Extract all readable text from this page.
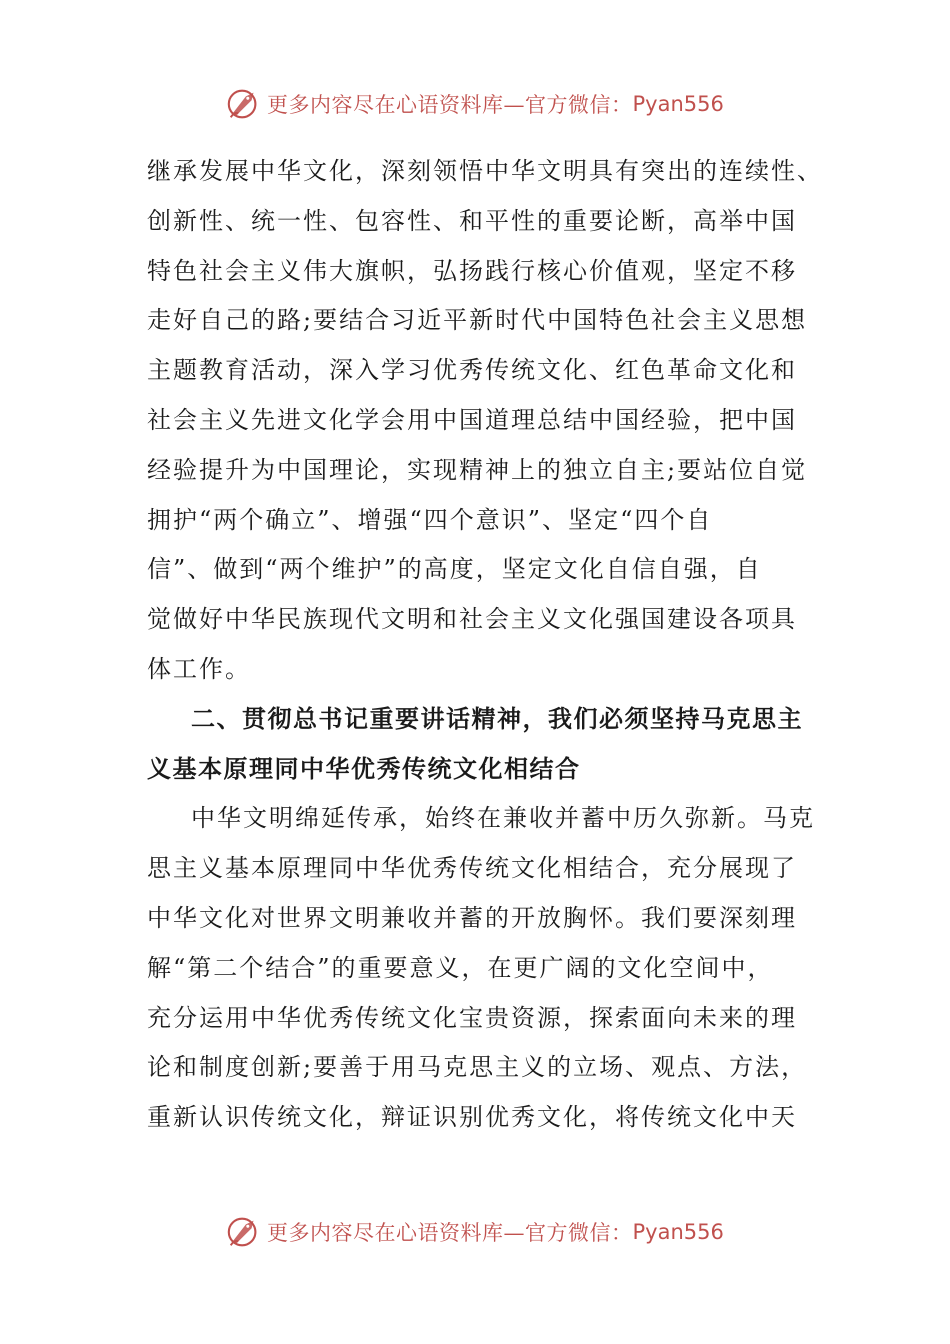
更多内容尽在心语资料库—官方微信： Pyan556

继承发展中华文化，深刻领悟中华文明具有突出的连续性、
创新性、统一性、包容性、和平性的重要论断，高举中国
特色社会主义伟大旗帜，弘扬践行核心价值观，坚定不移
走好自己的路;要结合习近平新时代中国特色社会主义思想
主题教育活动，深入学习优秀传统文化、红色革命文化和
社会主义先进文化学会用中国道理总结中国经验，把中国
经验提升为中国理论，实现精神上的独立自主;要站位自觉
拥护“两个确立”、增强“四个意识”、坚定“四个自
信”、做到“两个维护”的高度，坚定文化自信自强，自
觉做好中华民族现代文明和社会主义文化强国建设各项具
体工作。

二、贯彻总书记重要讲话精神，我们必须坚持马克思主
义基本原理同中华优秀传统文化相结合

中华文明绵延传承，始终在兼收并蓄中历久弥新。马克
思主义基本原理同中华优秀传统文化相结合，充分展现了
中华文化对世界文明兼收并蓄的开放胸怀。我们要深刻理
解“第二个结合”的重要意义，在更广阔的文化空间中，
充分运用中华优秀传统文化宝贵资源，探索面向未来的理
论和制度创新;要善于用马克思主义的立场、观点、方法，
重新认识传统文化，辩证识别优秀文化，将传统文化中天

更多内容尽在心语资料库—官方微信： Pyan556
